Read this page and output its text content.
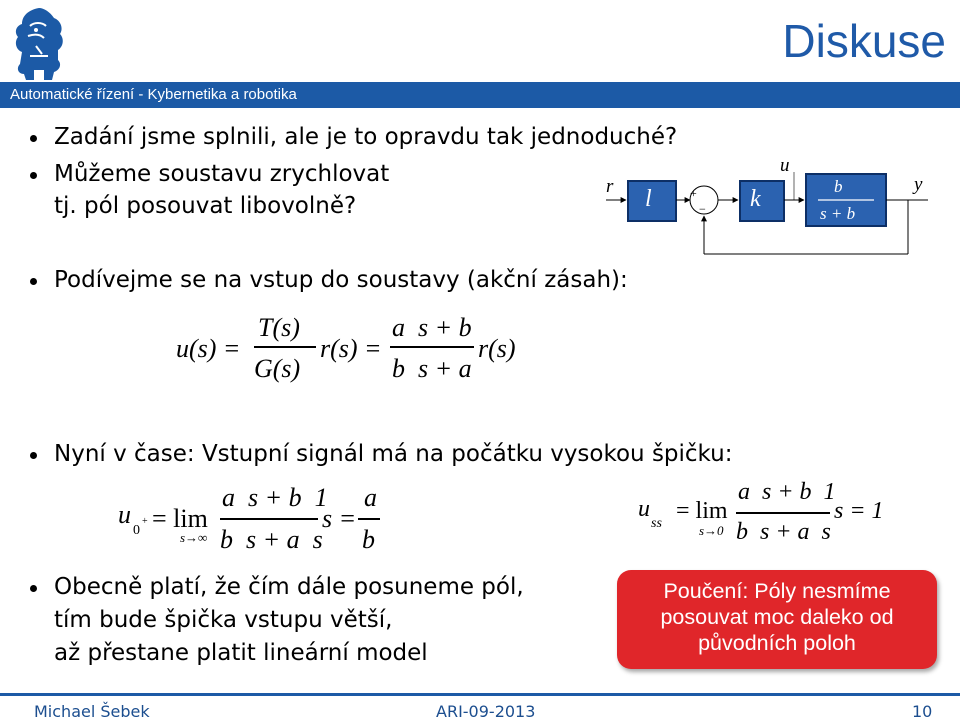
Diskuse
Automatické řízení - Kybernetika a robotika
Zadání jsme splnili, ale je to opravdu tak jednoduché?
Můžeme soustavu zrychlovat
tj. pól posouvat libovolně?
r l	+
− k
u
b
s + b
y
Podívejme se na vstup do soustavy (akční zásah):
u(s) =
T(s)
G(s)
r(s) =
a  s + b
b  s + a
r(s)
Nyní v čase: Vstupní signál má na počátku vysokou špičku:
u
0
+ = lim
s→∞
a  s + b  1
b  s + a  s
s =
a
b
u
ss = lim
s→0
a  s + b  1
b  s + a  s
s = 1
Obecně platí, že čím dále posuneme pól,
tím bude špička vstupu větší,
až přestane platit lineární model
Poučení: Póly nesmíme posouvat moc daleko od původních poloh
Michael Šebek	ARI-09-2013	10
